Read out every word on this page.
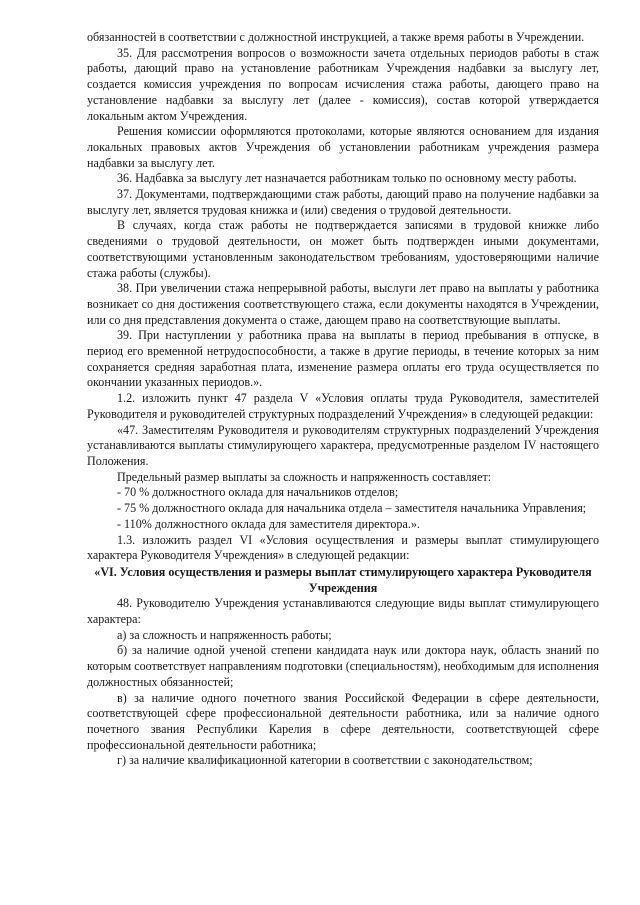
обязанностей в соответствии с должностной инструкцией, а также время работы в Учреждении.

35. Для рассмотрения вопросов о возможности зачета отдельных периодов работы в стаж работы, дающий право на установление работникам Учреждения надбавки за выслугу лет, создается комиссия учреждения по вопросам исчисления стажа работы, дающего право на установление надбавки за выслугу лет (далее - комиссия), состав которой утверждается локальным актом Учреждения.

Решения комиссии оформляются протоколами, которые являются основанием для издания локальных правовых актов Учреждения об установлении работникам учреждения размера надбавки за выслугу лет.

36. Надбавка за выслугу лет назначается работникам только по основному месту работы.

37. Документами, подтверждающими стаж работы, дающий право на получение надбавки за выслугу лет, является трудовая книжка и (или) сведения о трудовой деятельности.

В случаях, когда стаж работы не подтверждается записями в трудовой книжке либо сведениями о трудовой деятельности, он может быть подтвержден иными документами, соответствующими установленным законодательством требованиям, удостоверяющими наличие стажа работы (службы).

38. При увеличении стажа непрерывной работы, выслуги лет право на выплаты у работника возникает со дня достижения соответствующего стажа, если документы находятся в Учреждении, или со дня представления документа о стаже, дающем право на соответствующие выплаты.

39. При наступлении у работника права на выплаты в период пребывания в отпуске, в период его временной нетрудоспособности, а также в другие периоды, в течение которых за ним сохраняется средняя заработная плата, изменение размера оплаты его труда осуществляется по окончании указанных периодов.».

1.2. изложить пункт 47 раздела V «Условия оплаты труда Руководителя, заместителей Руководителя и руководителей структурных подразделений Учреждения» в следующей редакции:

«47. Заместителям Руководителя и руководителям структурных подразделений Учреждения устанавливаются выплаты стимулирующего характера, предусмотренные разделом IV настоящего Положения.

Предельный размер выплаты за сложность и напряженность составляет:

- 70 % должностного оклада для начальников отделов;

- 75 % должностного оклада для начальника отдела – заместителя начальника Управления;

- 110% должностного оклада для заместителя директора.».

1.3. изложить раздел VI «Условия осуществления и размеры выплат стимулирующего характера Руководителя Учреждения» в следующей редакции:

«VI. Условия осуществления и размеры выплат стимулирующего характера Руководителя Учреждения

48. Руководителю Учреждения устанавливаются следующие виды выплат стимулирующего характера:

а) за сложность и напряженность работы;

б) за наличие одной ученой степени кандидата наук или доктора наук, область знаний по которым соответствует направлениям подготовки (специальностям), необходимым для исполнения должностных обязанностей;

в) за наличие одного почетного звания Российской Федерации в сфере деятельности, соответствующей сфере профессиональной деятельности работника, или за наличие одного почетного звания Республики Карелия в сфере деятельности, соответствующей сфере профессиональной деятельности работника;

г) за наличие квалификационной категории в соответствии с законодательством;
